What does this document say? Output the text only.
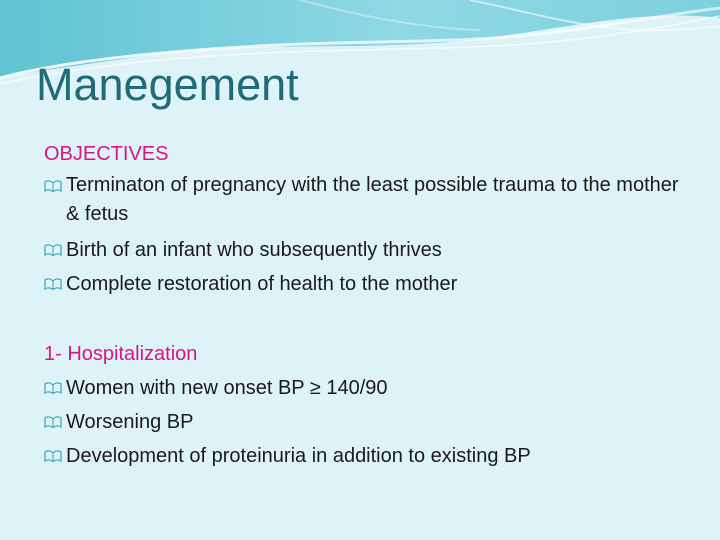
Manegement
OBJECTIVES
Terminaton of pregnancy with the least possible trauma to the mother & fetus
Birth of an infant who subsequently thrives
Complete restoration of health to the mother
1- Hospitalization
Women with new onset BP ≥ 140/90
Worsening BP
Development of proteinuria in addition to existing BP
